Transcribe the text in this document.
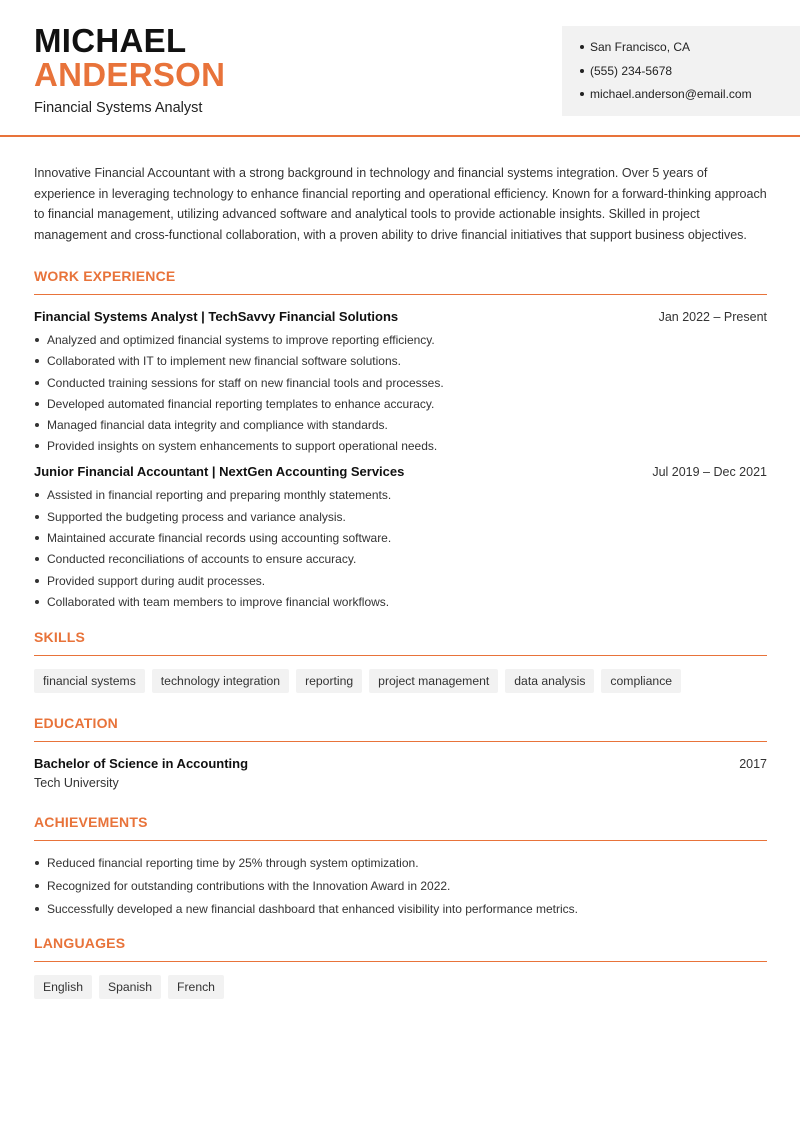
MICHAEL
ANDERSON
Financial Systems Analyst
San Francisco, CA
(555) 234-5678
michael.anderson@email.com

Innovative Financial Accountant with a strong background in technology and financial systems integration. Over 5 years of experience in leveraging technology to enhance financial reporting and operational efficiency. Known for a forward-thinking approach to financial management, utilizing advanced software and analytical tools to provide actionable insights. Skilled in project management and cross-functional collaboration, with a proven ability to drive financial initiatives that support business objectives.

WORK EXPERIENCE
Financial Systems Analyst | TechSavvy Financial Solutions	Jan 2022 – Present
Analyzed and optimized financial systems to improve reporting efficiency.
Collaborated with IT to implement new financial software solutions.
Conducted training sessions for staff on new financial tools and processes.
Developed automated financial reporting templates to enhance accuracy.
Managed financial data integrity and compliance with standards.
Provided insights on system enhancements to support operational needs.
Junior Financial Accountant | NextGen Accounting Services	Jul 2019 – Dec 2021
Assisted in financial reporting and preparing monthly statements.
Supported the budgeting process and variance analysis.
Maintained accurate financial records using accounting software.
Conducted reconciliations of accounts to ensure accuracy.
Provided support during audit processes.
Collaborated with team members to improve financial workflows.
SKILLS
financial systems	technology integration	reporting	project management	data analysis	compliance
EDUCATION
Bachelor of Science in Accounting	2017
Tech University
ACHIEVEMENTS
Reduced financial reporting time by 25% through system optimization.
Recognized for outstanding contributions with the Innovation Award in 2022.
Successfully developed a new financial dashboard that enhanced visibility into performance metrics.
LANGUAGES
English	Spanish	French
